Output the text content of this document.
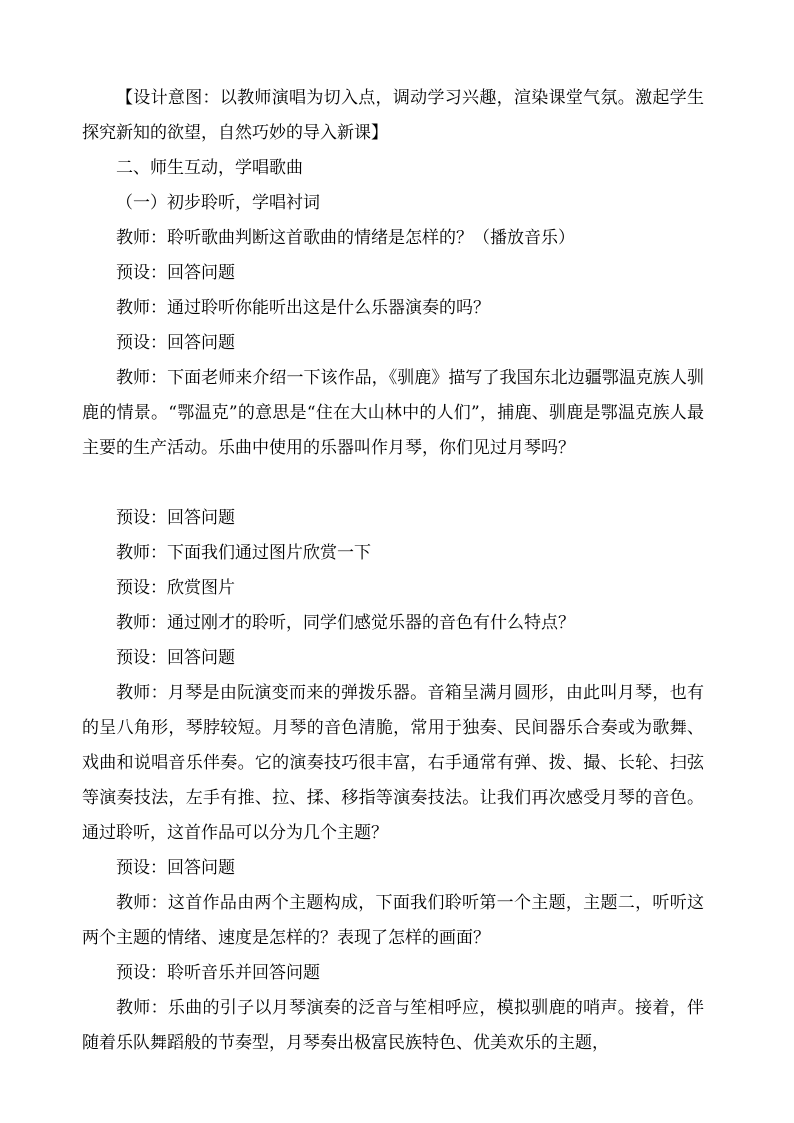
【设计意图：以教师演唱为切入点，调动学习兴趣，渲染课堂气氛。激起学生探究新知的欲望，自然巧妙的导入新课】

二、师生互动，学唱歌曲

（一）初步聆听，学唱衬词

教师：聆听歌曲判断这首歌曲的情绪是怎样的？（播放音乐）

预设：回答问题

教师：通过聆听你能听出这是什么乐器演奏的吗？

预设：回答问题

教师：下面老师来介绍一下该作品，《驯鹿》描写了我国东北边疆鄂温克族人驯鹿的情景。“鄂温克”的意思是“住在大山林中的人们”，捕鹿、驯鹿是鄂温克族人最主要的生产活动。乐曲中使用的乐器叫作月琴，你们见过月琴吗？

预设：回答问题

教师：下面我们通过图片欣赏一下

预设：欣赏图片

教师：通过刚才的聆听，同学们感觉乐器的音色有什么特点？

预设：回答问题

教师：月琴是由阮演变而来的弹拨乐器。音箱呈满月圆形，由此叫月琴，也有的呈八角形，琴脖较短。月琴的音色清脆，常用于独奏、民间器乐合奏或为歌舞、戏曲和说唱音乐伴奏。它的演奏技巧很丰富，右手通常有弹、拨、撮、长轮、扫弦等演奏技法，左手有推、拉、揉、移指等演奏技法。让我们再次感受月琴的音色。通过聆听，这首作品可以分为几个主题？

预设：回答问题

教师：这首作品由两个主题构成，下面我们聆听第一个主题，主题二，听听这两个主题的情绪、速度是怎样的？表现了怎样的画面？

预设：聆听音乐并回答问题

教师：乐曲的引子以月琴演奏的泛音与笙相呼应，模拟驯鹿的哨声。接着，伴随着乐队舞蹈般的节奏型，月琴奏出极富民族特色、优美欢乐的主题，
